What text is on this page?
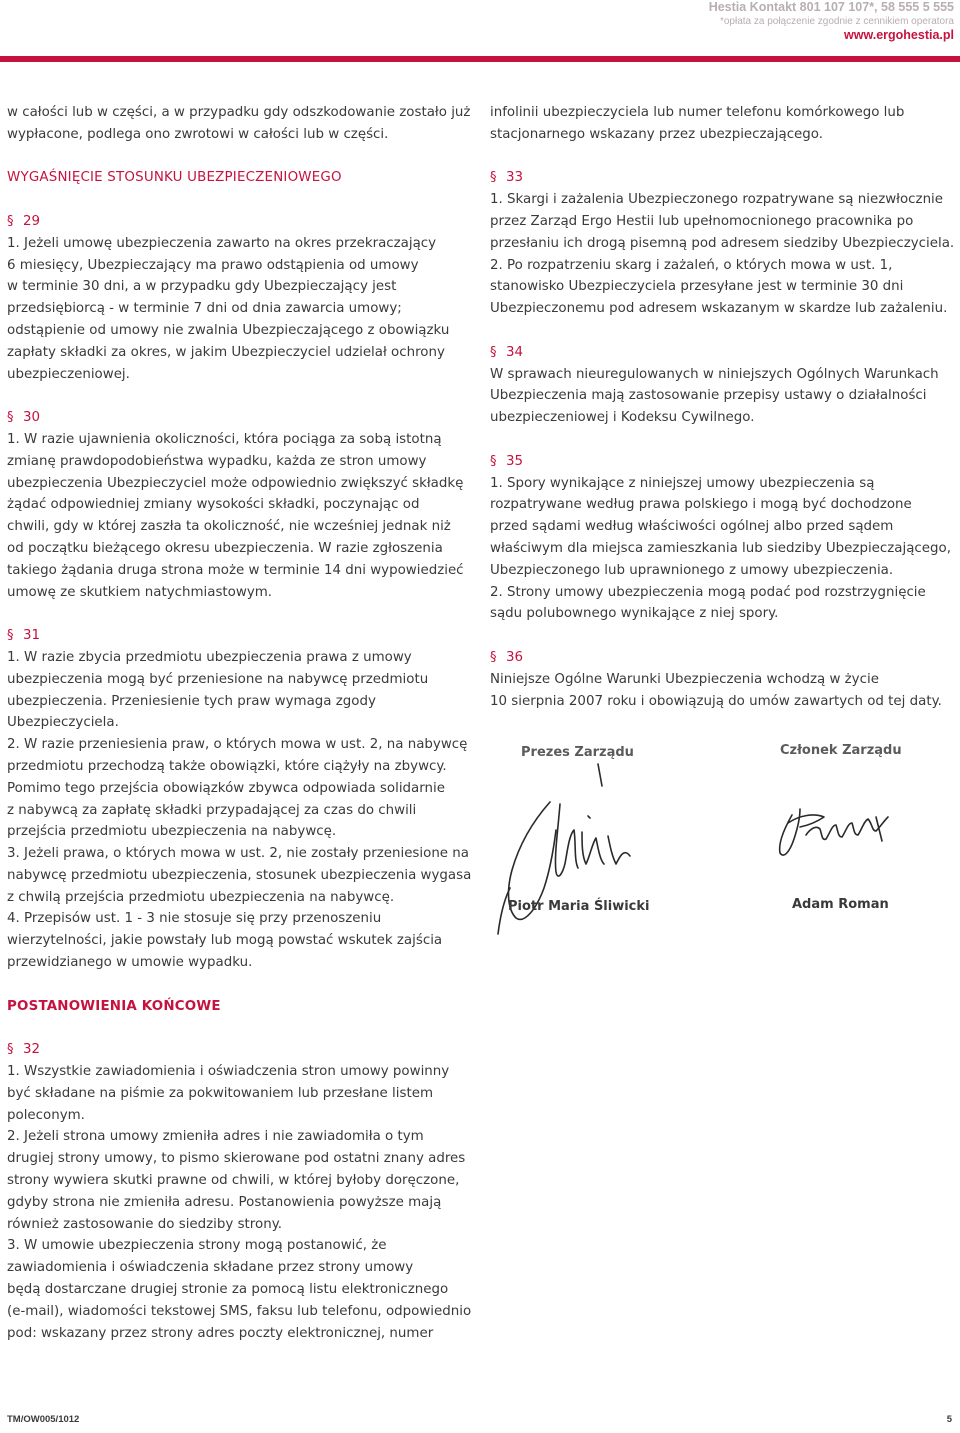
Hestia Kontakt 801 107 107*, 58 555 5 555
*opłata za połączenie zgodnie z cennikiem operatora
www.ergohestia.pl

w całości lub w części, a w przypadku gdy odszkodowanie zostało już

wypłacone, podlega ono zwrotowi w całości lub w części.

WYGAŚNIĘCIE STOSUNKU UBEZPIECZENIOWEGO

§ 29

1. Jeżeli umowę ubezpieczenia zawarto na okres przekraczający

6 miesięcy, Ubezpieczający ma prawo odstąpienia od umowy

w terminie 30 dni, a w przypadku gdy Ubezpieczający jest

przedsiębiorcą - w terminie 7 dni od dnia zawarcia umowy;

odstąpienie od umowy nie zwalnia Ubezpieczającego z obowiązku

zapłaty składki za okres, w jakim Ubezpieczyciel udzielał ochrony

ubezpieczeniowej.

§ 30

1. W razie ujawnienia okoliczności, która pociąga za sobą istotną

zmianę prawdopodobieństwa wypadku, każda ze stron umowy

ubezpieczenia Ubezpieczyciel może odpowiednio zwiększyć składkę

żądać odpowiedniej zmiany wysokości składki, poczynając od

chwili, gdy w której zaszła ta okoliczność, nie wcześniej jednak niż

od początku bieżącego okresu ubezpieczenia. W razie zgłoszenia

takiego żądania druga strona może w terminie 14 dni wypowiedzieć

umowę ze skutkiem natychmiastowym.

§ 31

1. W razie zbycia przedmiotu ubezpieczenia prawa z umowy

ubezpieczenia mogą być przeniesione na nabywcę przedmiotu

ubezpieczenia. Przeniesienie tych praw wymaga zgody

Ubezpieczyciela.

2. W razie przeniesienia praw, o których mowa w ust. 2, na nabywcę

przedmiotu przechodzą także obowiązki, które ciążyły na zbywcy.

Pomimo tego przejścia obowiązków zbywca odpowiada solidarnie

z nabywcą za zapłatę składki przypadającej za czas do chwili

przejścia przedmiotu ubezpieczenia na nabywcę.

3. Jeżeli prawa, o których mowa w ust. 2, nie zostały przeniesione na

nabywcę przedmiotu ubezpieczenia, stosunek ubezpieczenia wygasa

z chwilą przejścia przedmiotu ubezpieczenia na nabywcę.

4. Przepisów ust. 1 - 3 nie stosuje się przy przenoszeniu

wierzytelności, jakie powstały lub mogą powstać wskutek zajścia

przewidzianego w umowie wypadku.

POSTANOWIENIA KOŃCOWE

§ 32

1. Wszystkie zawiadomienia i oświadczenia stron umowy powinny

być składane na piśmie za pokwitowaniem lub przesłane listem

poleconym.

2. Jeżeli strona umowy zmieniła adres i nie zawiadomiła o tym

drugiej strony umowy, to pismo skierowane pod ostatni znany adres

strony wywiera skutki prawne od chwili, w której byłoby doręczone,

gdyby strona nie zmieniła adresu. Postanowienia powyższe mają

również zastosowanie do siedziby strony.

3. W umowie ubezpieczenia strony mogą postanowić, że

zawiadomienia i oświadczenia składane przez strony umowy

będą dostarczane drugiej stronie za pomocą listu elektronicznego

(e-mail), wiadomości tekstowej SMS, faksu lub telefonu, odpowiednio

pod: wskazany przez strony adres poczty elektronicznej, numer

infolinii ubezpieczyciela lub numer telefonu komórkowego lub

stacjonarnego wskazany przez ubezpieczającego.

§ 33

1. Skargi i zażalenia Ubezpieczonego rozpatrywane są niezwłocznie

przez Zarząd Ergo Hestii lub upełnomocnionego pracownika po

przesłaniu ich drogą pisemną pod adresem siedziby Ubezpieczyciela.

2. Po rozpatrzeniu skarg i zażaleń, o których mowa w ust. 1,

stanowisko Ubezpieczyciela przesyłane jest w terminie 30 dni

Ubezpieczonemu pod adresem wskazanym w skardze lub zażaleniu.

§ 34

W sprawach nieuregulowanych w niniejszych Ogólnych Warunkach

Ubezpieczenia mają zastosowanie przepisy ustawy o działalności

ubezpieczeniowej i Kodeksu Cywilnego.

§ 35

1. Spory wynikające z niniejszej umowy ubezpieczenia są

rozpatrywane według prawa polskiego i mogą być dochodzone

przed sądami według właściwości ogólnej albo przed sądem

właściwym dla miejsca zamieszkania lub siedziby Ubezpieczającego,

Ubezpieczonego lub uprawnionego z umowy ubezpieczenia.

2. Strony umowy ubezpieczenia mogą podać pod rozstrzygnięcie

sądu polubownego wynikające z niej spory.

§ 36

Niniejsze Ogólne Warunki Ubezpieczenia wchodzą w życie

10 sierpnia 2007 roku i obowiązują do umów zawartych od tej daty.

Prezes Zarządu	Członek Zarządu
Piotr Maria Śliwicki	Adam Roman
TM/OW005/1012	5
